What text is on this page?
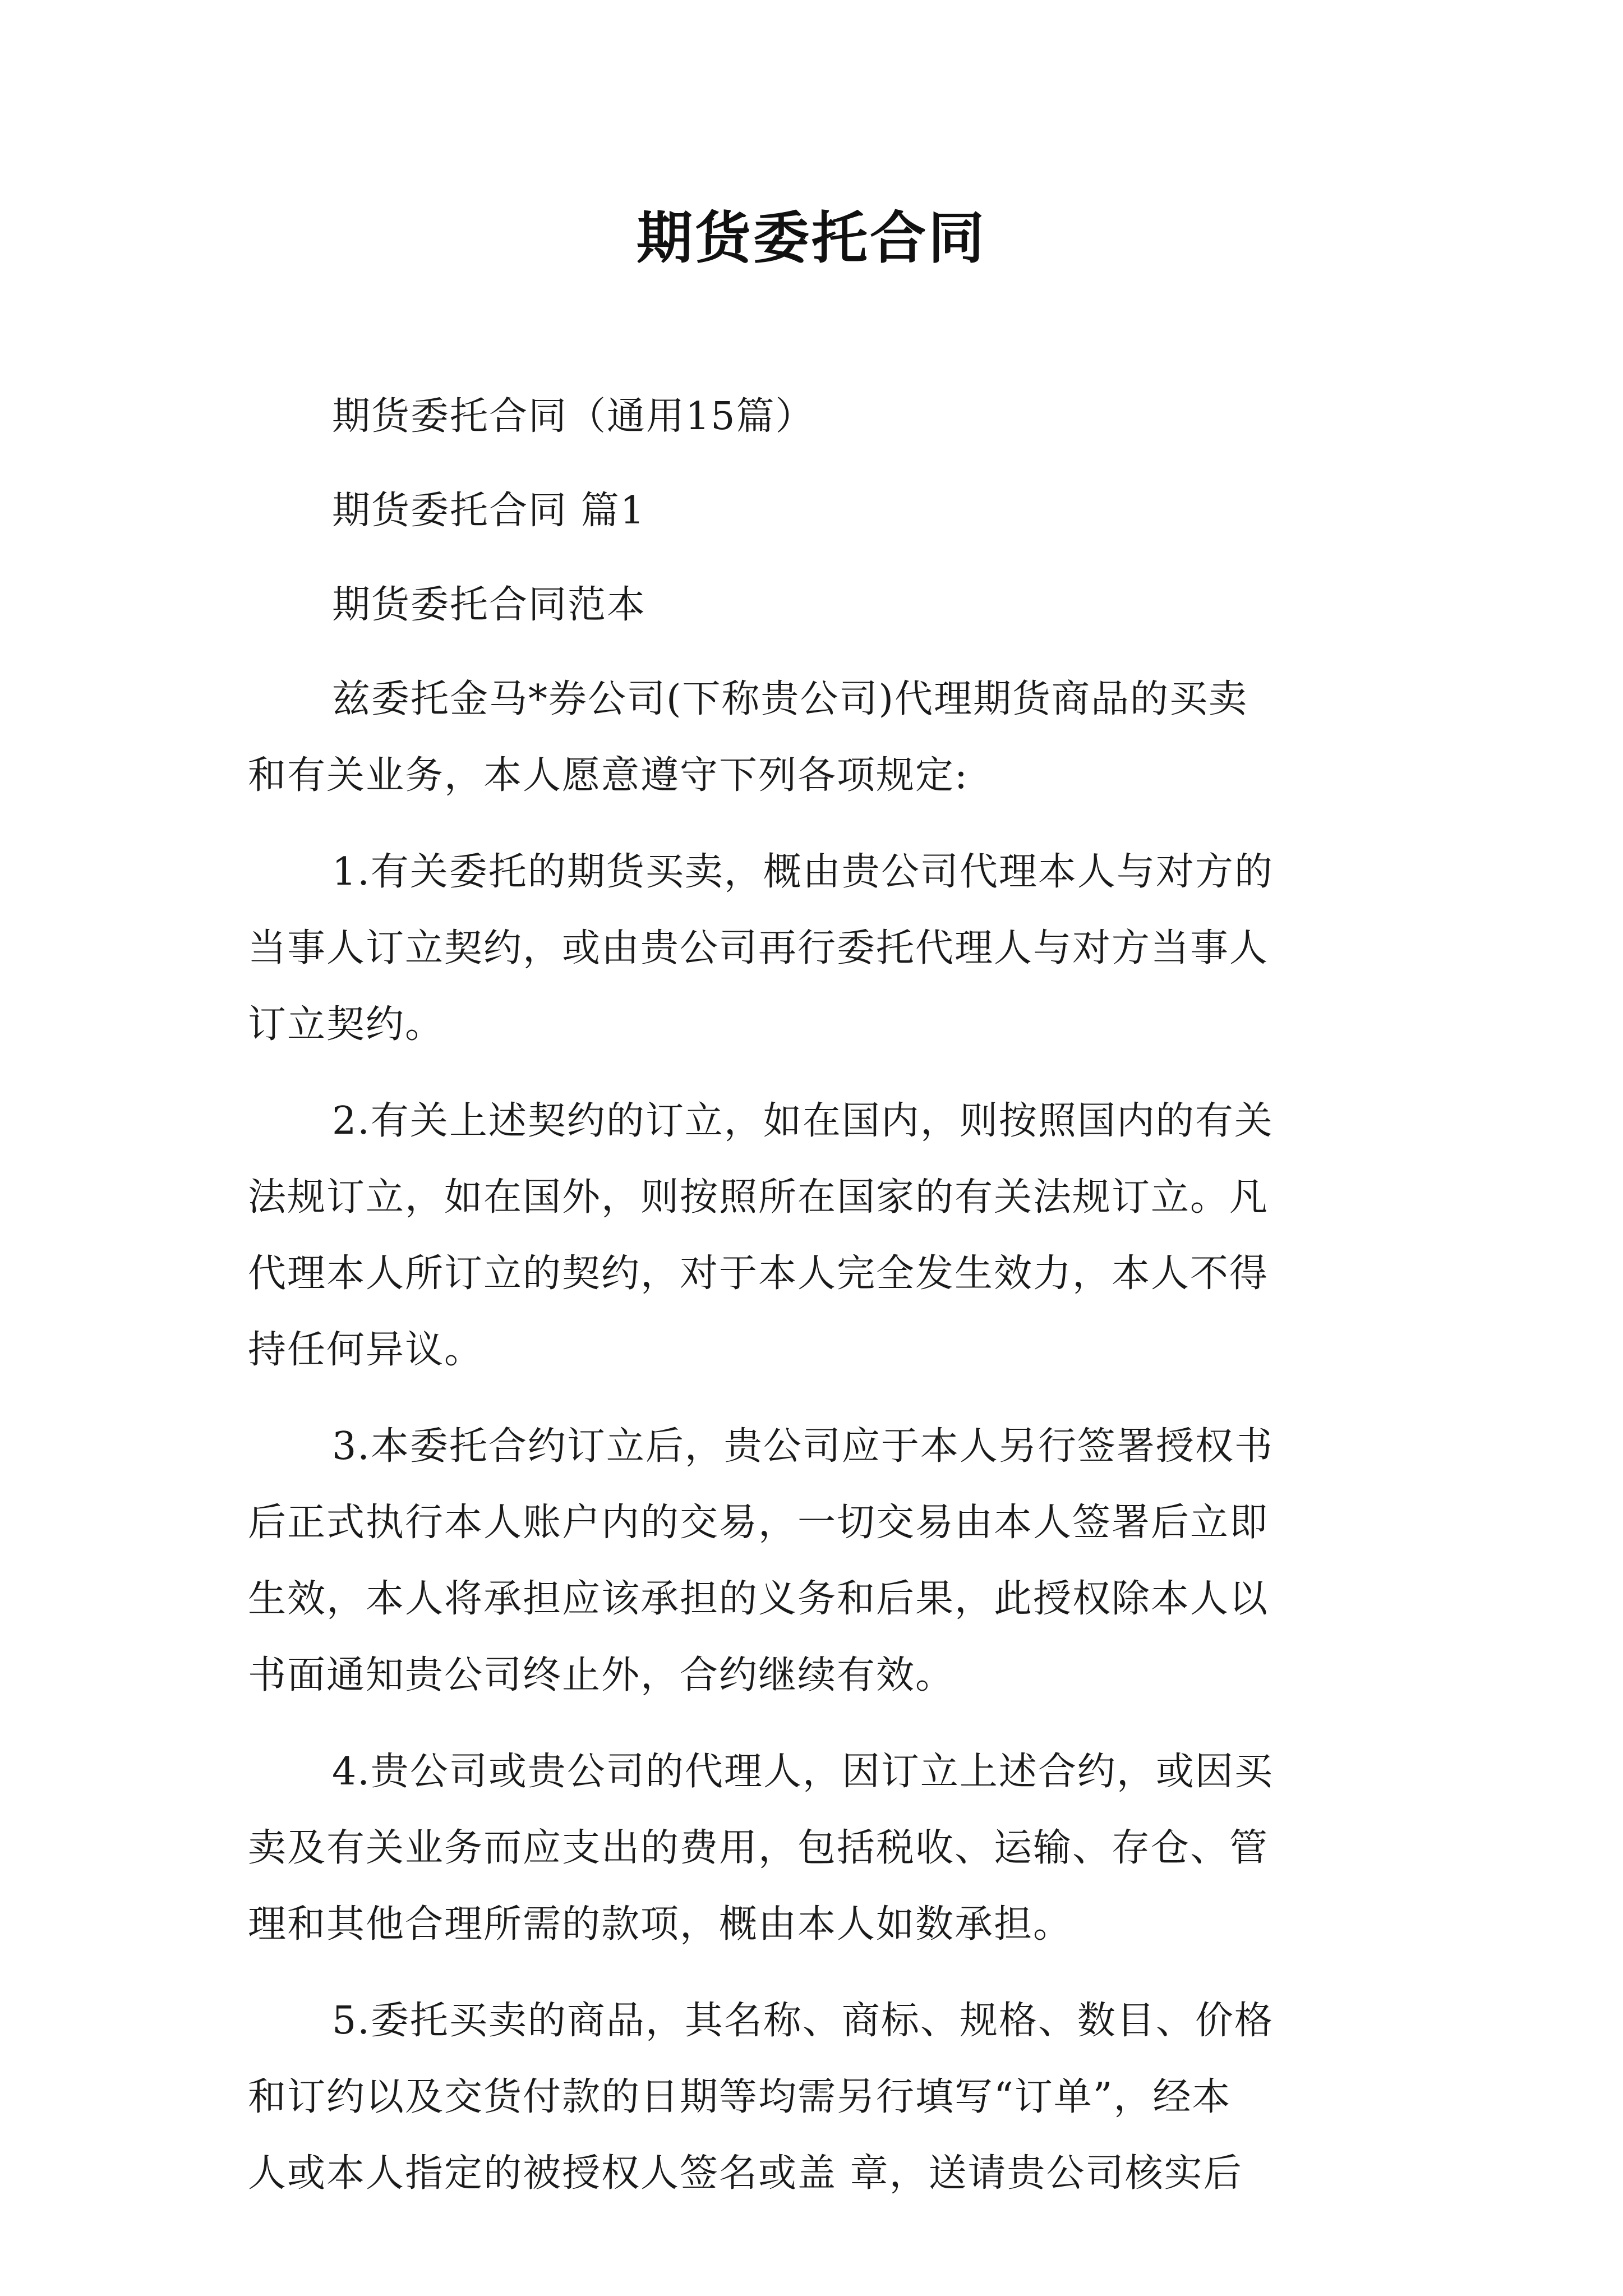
期货委托合同

期货委托合同（通用15篇）

期货委托合同 篇1

期货委托合同范本

兹委托金马*券公司(下称贵公司)代理期货商品的买卖

和有关业务，本人愿意遵守下列各项规定:

1.有关委托的期货买卖，概由贵公司代理本人与对方的

当事人订立契约，或由贵公司再行委托代理人与对方当事人

订立契约。

2.有关上述契约的订立，如在国内，则按照国内的有关

法规订立，如在国外，则按照所在国家的有关法规订立。凡

代理本人所订立的契约，对于本人完全发生效力，本人不得

持任何异议。

3.本委托合约订立后，贵公司应于本人另行签署授权书

后正式执行本人账户内的交易，一切交易由本人签署后立即

生效，本人将承担应该承担的义务和后果，此授权除本人以

书面通知贵公司终止外，合约继续有效。

4.贵公司或贵公司的代理人，因订立上述合约，或因买

卖及有关业务而应支出的费用，包括税收、运输、存仓、管

理和其他合理所需的款项，概由本人如数承担。

5.委托买卖的商品，其名称、商标、规格、数目、价格

和订约以及交货付款的日期等均需另行填写“订单”，经本

人或本人指定的被授权人签名或盖 章，送请贵公司核实后
